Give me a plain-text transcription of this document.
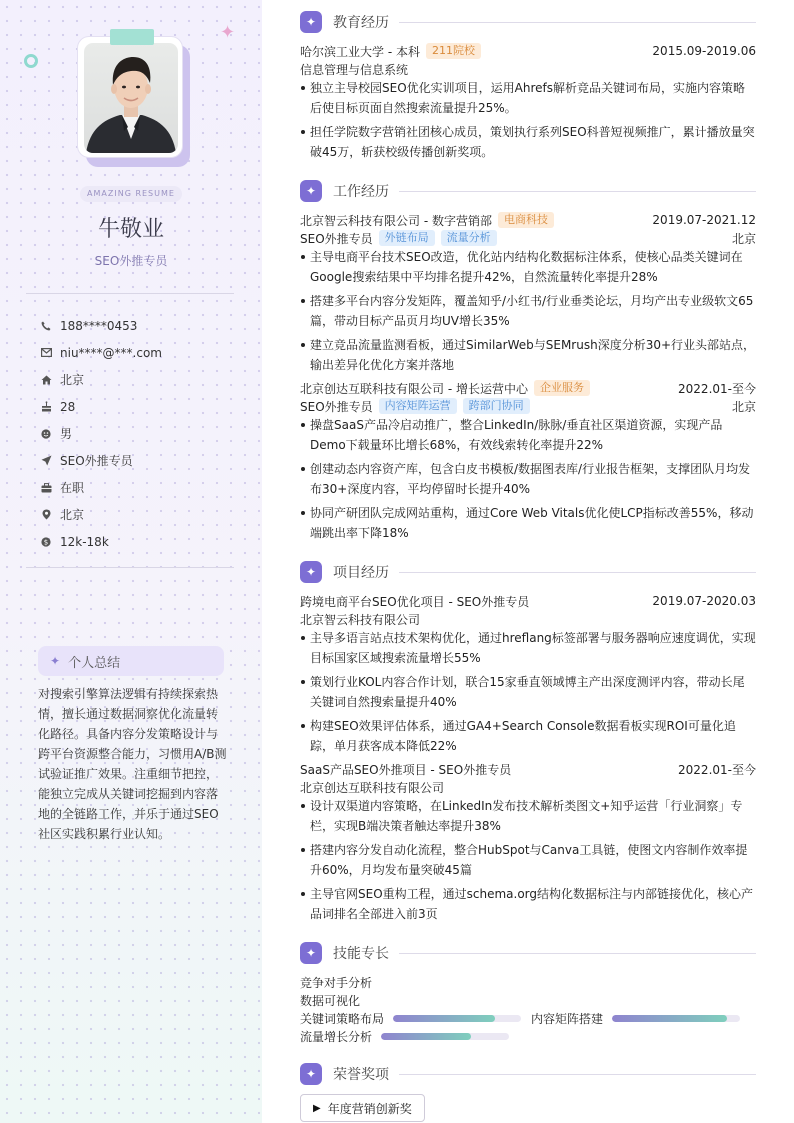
✦
AMAZING RESUME
牛敬业
SEO外推专员
188****0453
niu****@***.com
北京
28
男
SEO外推专员
在职
北京
$ 12k-18k
✦ 个人总结
对搜索引擎算法逻辑有持续探索热情，擅长通过数据洞察优化流量转化路径。具备内容分发策略设计与跨平台资源整合能力，习惯用A/B测试验证推广效果。注重细节把控，能独立完成从关键词挖掘到内容落地的全链路工作，并乐于通过SEO社区实践积累行业认知。
✦	教育经历
哈尔滨工业大学 - 本科	211院校	2015.09-2019.06
信息管理与信息系统
独立主导校园SEO优化实训项目，运用Ahrefs解析竞品关键词布局，实施内容策略后使目标页面自然搜索流量提升25%。
担任学院数字营销社团核心成员，策划执行系列SEO科普短视频推广，累计播放量突破45万，斩获校级传播创新奖项。
✦	工作经历
北京智云科技有限公司 - 数字营销部	电商科技	2019.07-2021.12
SEO外推专员	外链布局	流量分析	北京
主导电商平台技术SEO改造，优化站内结构化数据标注体系，使核心品类关键词在Google搜索结果中平均排名提升42%，自然流量转化率提升28%
搭建多平台内容分发矩阵，覆盖知乎/小红书/行业垂类论坛，月均产出专业级软文65篇，带动目标产品页月均UV增长35%
建立竞品流量监测看板，通过SimilarWeb与SEMrush深度分析30+行业头部站点，输出差异化优化方案并落地
北京创达互联科技有限公司 - 增长运营中心	企业服务	2022.01-至今
SEO外推专员	内容矩阵运营	跨部门协同	北京
操盘SaaS产品冷启动推广，整合LinkedIn/脉脉/垂直社区渠道资源，实现产品Demo下载量环比增长68%，有效线索转化率提升22%
创建动态内容资产库，包含白皮书模板/数据图表库/行业报告框架，支撑团队月均发布30+深度内容，平均停留时长提升40%
协同产研团队完成网站重构，通过Core Web Vitals优化使LCP指标改善55%，移动端跳出率下降18%
✦	项目经历
跨境电商平台SEO优化项目 - SEO外推专员	2019.07-2020.03
北京智云科技有限公司
主导多语言站点技术架构优化，通过hreflang标签部署与服务器响应速度调优，实现目标国家区域搜索流量增长55%
策划行业KOL内容合作计划，联合15家垂直领域博主产出深度测评内容，带动长尾关键词自然搜索量提升40%
构建SEO效果评估体系，通过GA4+Search Console数据看板实现ROI可量化追踪，单月获客成本降低22%
SaaS产品SEO外推项目 - SEO外推专员	2022.01-至今
北京创达互联科技有限公司
设计双渠道内容策略，在LinkedIn发布技术解析类图文+知乎运营「行业洞察」专栏，实现B端决策者触达率提升38%
搭建内容分发自动化流程，整合HubSpot与Canva工具链，使图文内容制作效率提升60%，月均发布量突破45篇
主导官网SEO重构工程，通过schema.org结构化数据标注与内部链接优化，核心产品词排名全部进入前3页
✦	技能专长
竞争对手分析
数据可视化
关键词策略布局	内容矩阵搭建
流量增长分析
✦	荣誉奖项
▶ 年度营销创新奖
